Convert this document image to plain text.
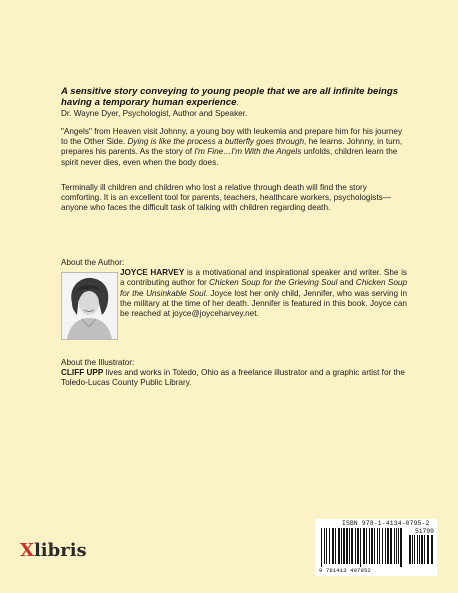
A sensitive story conveying to young people that we are all infinite beings having a temporary human experience.
Dr. Wayne Dyer, Psychologist, Author and Speaker.

"Angels" from Heaven visit Johnny, a young boy with leukemia and prepare him for his journey to the Other Side. Dying is like the process a butterfly goes through, he learns. Johnny, in turn, prepares his parents. As the story of I'm Fine…I'm With the Angels unfolds, children learn the spirit never dies, even when the body does.

Terminally ill children and children who lost a relative through death will find the story comforting. It is an excellent tool for parents, teachers, healthcare workers, psychologists—anyone who faces the difficult task of talking with children regarding death.

About the Author:
JOYCE HARVEY is a motivational and inspirational speaker and writer. She is a contributing author for Chicken Soup for the Grieving Soul and Chicken Soup for the Unsinkable Soul. Joyce lost her only child, Jennifer, who was serving in the military at the time of her death. Jennifer is featured in this book. Joyce can be reached at joyce@joyceharvey.net.
About the Illustrator:
CLIFF UPP lives and works in Toledo, Ohio as a freelance illustrator and a graphic artist for the Toledo-Lucas County Public Library.
Xlibris
ISBN 978-1-4134-0795-2
51799
9 781413 407952
